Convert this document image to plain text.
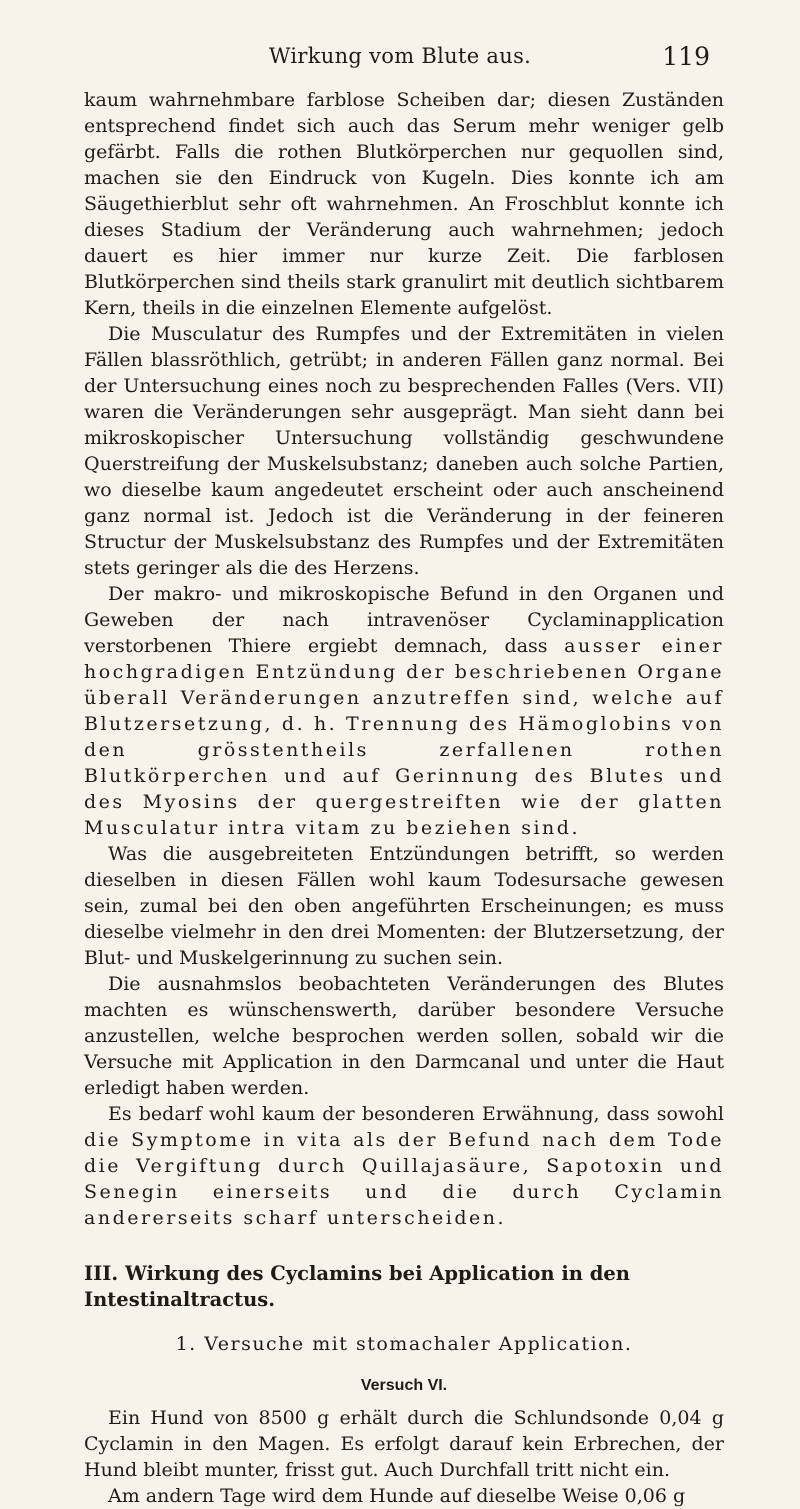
Wirkung vom Blute aus.	119

kaum wahrnehmbare farblose Scheiben dar; diesen Zuständen entsprechend findet sich auch das Serum mehr weniger gelb gefärbt. Falls die rothen Blutkörperchen nur gequollen sind, machen sie den Eindruck von Kugeln. Dies konnte ich am Säugethierblut sehr oft wahrnehmen. An Froschblut konnte ich dieses Stadium der Veränderung auch wahrnehmen; jedoch dauert es hier immer nur kurze Zeit. Die farblosen Blutkörperchen sind theils stark granulirt mit deutlich sichtbarem Kern, theils in die einzelnen Elemente aufgelöst.

Die Musculatur des Rumpfes und der Extremitäten in vielen Fällen blassröthlich, getrübt; in anderen Fällen ganz normal. Bei der Untersuchung eines noch zu besprechenden Falles (Vers. VII) waren die Veränderungen sehr ausgeprägt. Man sieht dann bei mikroskopischer Untersuchung vollständig geschwundene Querstreifung der Muskelsubstanz; daneben auch solche Partien, wo dieselbe kaum angedeutet erscheint oder auch anscheinend ganz normal ist. Jedoch ist die Veränderung in der feineren Structur der Muskelsubstanz des Rumpfes und der Extremitäten stets geringer als die des Herzens.

Der makro- und mikroskopische Befund in den Organen und Geweben der nach intravenöser Cyclaminapplication verstorbenen Thiere ergiebt demnach, dass ausser einer hochgradigen Entzündung der beschriebenen Organe überall Veränderungen anzutreffen sind, welche auf Blutzersetzung, d. h. Trennung des Hämoglobins von den grösstentheils zerfallenen rothen Blutkörperchen und auf Gerinnung des Blutes und des Myosins der quergestreiften wie der glatten Musculatur intra vitam zu beziehen sind.

Was die ausgebreiteten Entzündungen betrifft, so werden dieselben in diesen Fällen wohl kaum Todesursache gewesen sein, zumal bei den oben angeführten Erscheinungen; es muss dieselbe vielmehr in den drei Momenten: der Blutzersetzung, der Blut- und Muskelgerinnung zu suchen sein.

Die ausnahmslos beobachteten Veränderungen des Blutes machten es wünschenswerth, darüber besondere Versuche anzustellen, welche besprochen werden sollen, sobald wir die Versuche mit Application in den Darmcanal und unter die Haut erledigt haben werden.

Es bedarf wohl kaum der besonderen Erwähnung, dass sowohl die Symptome in vita als der Befund nach dem Tode die Vergiftung durch Quillajasäure, Sapotoxin und Senegin einerseits und die durch Cyclamin andererseits scharf unterscheiden.

III. Wirkung des Cyclamins bei Application in den Intestinaltractus.
1. Versuche mit stomachaler Application.
Versuch VI.

Ein Hund von 8500 g erhält durch die Schlundsonde 0,04 g Cyclamin in den Magen. Es erfolgt darauf kein Erbrechen, der Hund bleibt munter, frisst gut. Auch Durchfall tritt nicht ein.

Am andern Tage wird dem Hunde auf dieselbe Weise 0,06 g
